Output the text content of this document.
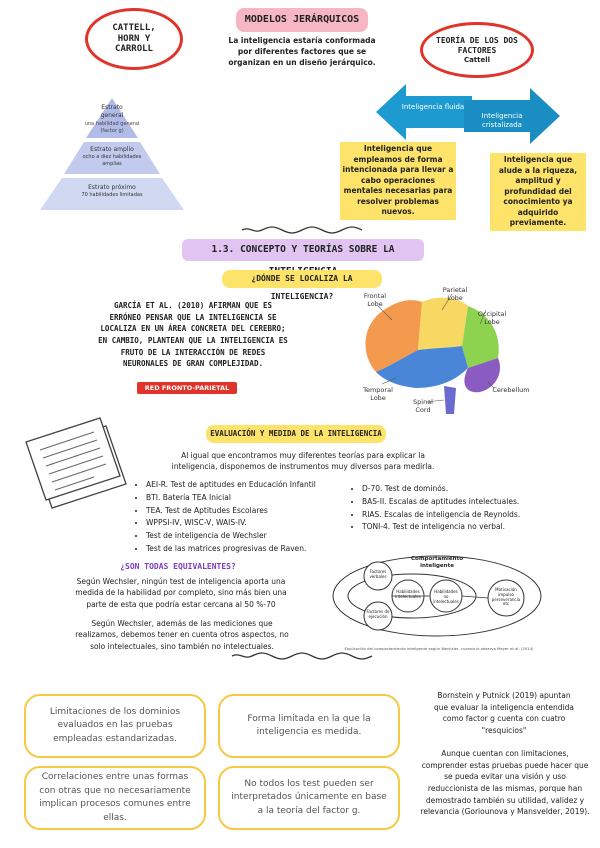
MODELOS JERÁRQUICOS
CATTELL, HORN Y CARROLL
La inteligencia estaría conformada por diferentes factores que se organizan en un diseño jerárquico.
Estrato general
una habilidad general (factor g)
Estrato amplio
ocho a diez habilidades amplias
Estrato próximo
70 habilidades limitadas
TEORÍA DE LOS DOS FACTORES
Cattell
Inteligencia fluida
Inteligencia cristalizada
Inteligencia que empleamos de forma intencionada para llevar a cabo operaciones mentales necesarias para resolver problemas nuevos.
Inteligencia que alude a la riqueza, amplitud y profundidad del conocimiento ya adquirido previamente.
1.3. CONCEPTO Y TEORÍAS SOBRE LA
¿DÓNDE SE LOCALIZA LA INTELIGENCIA?
GARCÍA ET AL. (2010) AFIRMAN QUE ES ERRÓNEO PENSAR QUE LA INTELIGENCIA SE LOCALIZA EN UN ÁREA CONCRETA DEL CEREBRO; EN CAMBIO, PLANTEAN QUE LA INTELIGENCIA ES FRUTO DE LA INTERACCIÓN DE REDES NEURONALES DE GRAN COMPLEJIDAD.
RED FRONTO-PARIETAL
Frontal Lobe
Parietal Lobe
Occipital Lobe
Temporal Lobe
Cerebellum
Spinal Cord
EVALUACIÓN Y MEDIDA DE LA INTELIGENCIA
Al igual que encontramos muy diferentes teorías para explicar la inteligencia, disponemos de instrumentos muy diversos para medirla.
• AEI-R. Test de aptitudes en Educación Infantil
• BTI. Batería TEA Inicial
• TEA. Test de Aptitudes Escolares
• WPPSI-IV, WISC-V, WAIS-IV.
• Test de inteligencia de Wechsler
• Test de las matrices progresivas de Raven.
• D-70. Test de dominós.
• BAS-II. Escalas de aptitudes intelectuales.
• RIAS. Escalas de inteligencia de Reynolds.
• TONI-4. Test de inteligencia no verbal.
¿SON TODAS EQUIVALENTES?
Según Wechsler, ningún test de inteligencia aporta una medida de la habilidad por completo, sino más bien una parte de esta que podría estar cercana al 50 %-70
Según Wechsler, además de las mediciones que realizamos, debemos tener en cuenta otros aspectos, no solo intelectuales, sino también no intelectuales.
Comportamiento inteligente
Factores verbales
Habilidades intelectuales
Habilidades no intelectuales
Factores de ejecución
Motivación impulso perseverancia etc
Explicación del comportamiento inteligente según Wechsler, cuando lo observa Meyer et al. (2014)
Limitaciones de los dominios evaluados en las pruebas empleadas estandarizadas.
Forma limitada en la que la inteligencia es medida.
Correlaciones entre unas formas con otras que no necesariamente implican procesos comunes entre ellas.
No todos los test pueden ser interpretados únicamente en base a la teoría del factor g.
Bornstein y Putnick (2019) apuntan que evaluar la inteligencia entendida como factor g cuenta con cuatro "resquicios"
Aunque cuentan con limitaciones, comprender estas pruebas puede hacer que se pueda evitar una visión y uso reduccionista de las mismas, porque han demostrado también su utilidad, validez y relevancia (Goriounova y Mansvelder, 2019).
